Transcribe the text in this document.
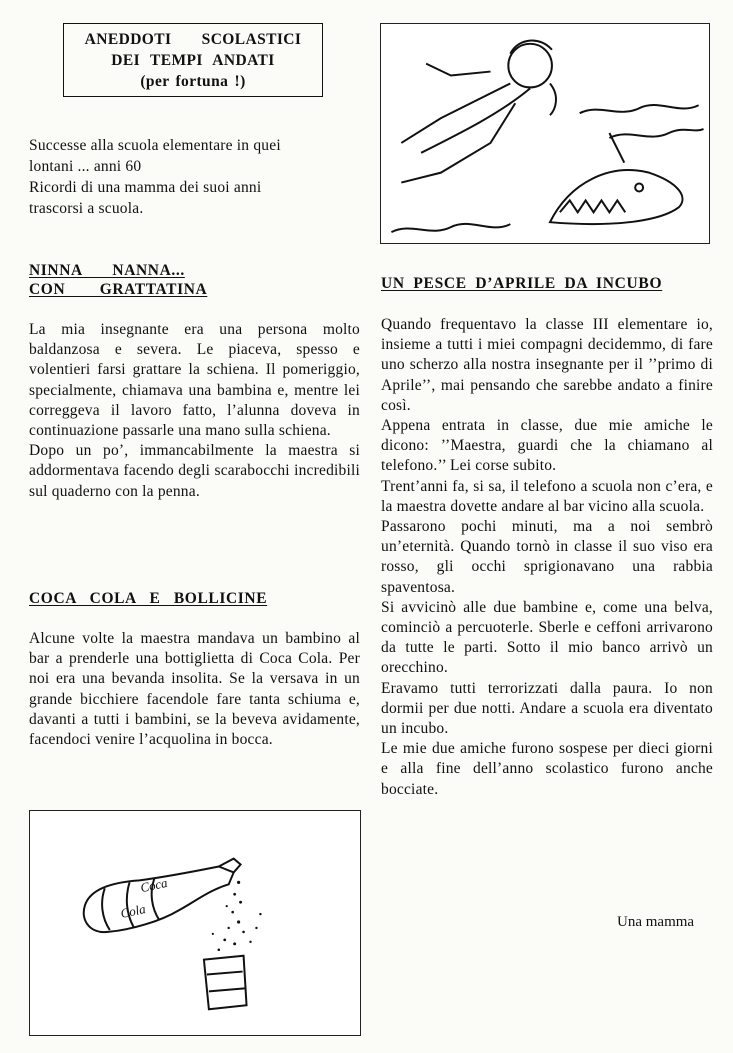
ANEDDOTI SCOLASTICI
DEI TEMPI ANDATI
(per fortuna !)

Successe alla scuola elementare in quei

lontani ... anni 60

Ricordi di una mamma dei suoi anni

trascorsi a scuola.

NINNA NANNA...

CON GRATTATINA

La mia insegnante era una persona molto baldanzosa e severa. Le piaceva, spesso e volentieri farsi grattare la schiena. Il pomeriggio, specialmente, chiamava una bambina e, mentre lei correggeva il lavoro fatto, l’alunna doveva in continuazione passarle una mano sulla schiena.

Dopo un po’, immancabilmente la maestra si addormentava facendo degli scarabocchi incredibili sul quaderno con la penna.

COCA COLA E BOLLICINE

Alcune volte la maestra mandava un bambino al bar a prenderle una bottiglietta di Coca Cola. Per noi era una bevanda insolita. Se la versava in un grande bicchiere facendole fare tanta schiuma e, davanti a tutti i bambini, se la beveva avidamente, facendoci venire l’acquolina in bocca.

Coca
Cola

UN PESCE D’APRILE DA INCUBO

Quando frequentavo la classe III elementare io, insieme a tutti i miei compagni decidemmo, di fare uno scherzo alla nostra insegnante per il ’’primo di Aprile’’, mai pensando che sarebbe andato a finire così.

Appena entrata in classe, due mie amiche le dicono: ’’Maestra, guardi che la chiamano al telefono.’’ Lei corse subito.

Trent’anni fa, si sa, il telefono a scuola non c’era, e la maestra dovette andare al bar vicino alla scuola.

Passarono pochi minuti, ma a noi sembrò un’eternità. Quando tornò in classe il suo viso era rosso, gli occhi sprigionavano una rabbia spaventosa.

Si avvicinò alle due bambine e, come una belva, cominciò a percuoterle. Sberle e ceffoni arrivarono da tutte le parti. Sotto il mio banco arrivò un orecchino.

Eravamo tutti terrorizzati dalla paura. Io non dormii per due notti. Andare a scuola era diventato un incubo.

Le mie due amiche furono sospese per dieci giorni e alla fine dell’anno scolastico furono anche bocciate.

Una mamma
